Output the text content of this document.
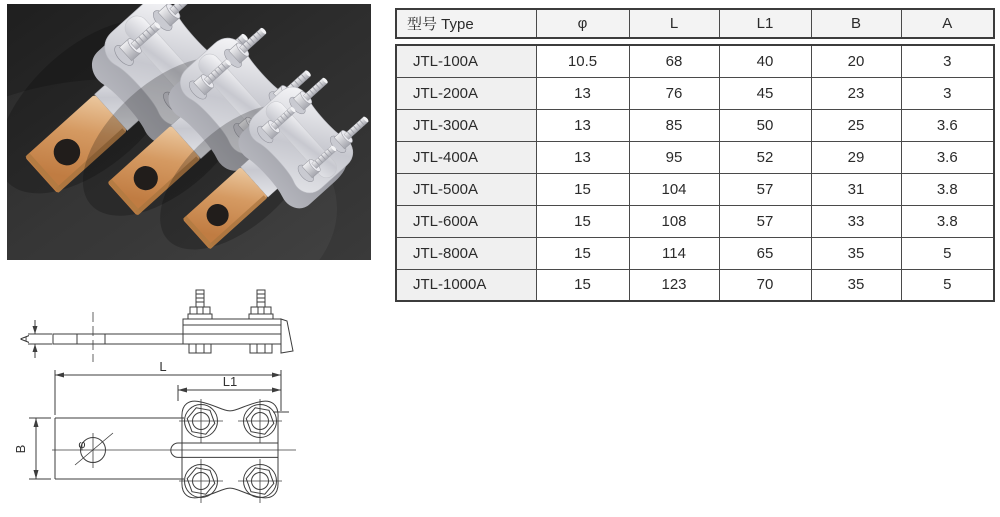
L
L1
B
A
φ
型号 Type	φ	L	L1	B	A
JTL-100A	10.5	68	40	20	3
JTL-200A	13	76	45	23	3
JTL-300A	13	85	50	25	3.6
JTL-400A	13	95	52	29	3.6
JTL-500A	15	104	57	31	3.8
JTL-600A	15	108	57	33	3.8
JTL-800A	15	114	65	35	5
JTL-1000A	15	123	70	35	5
